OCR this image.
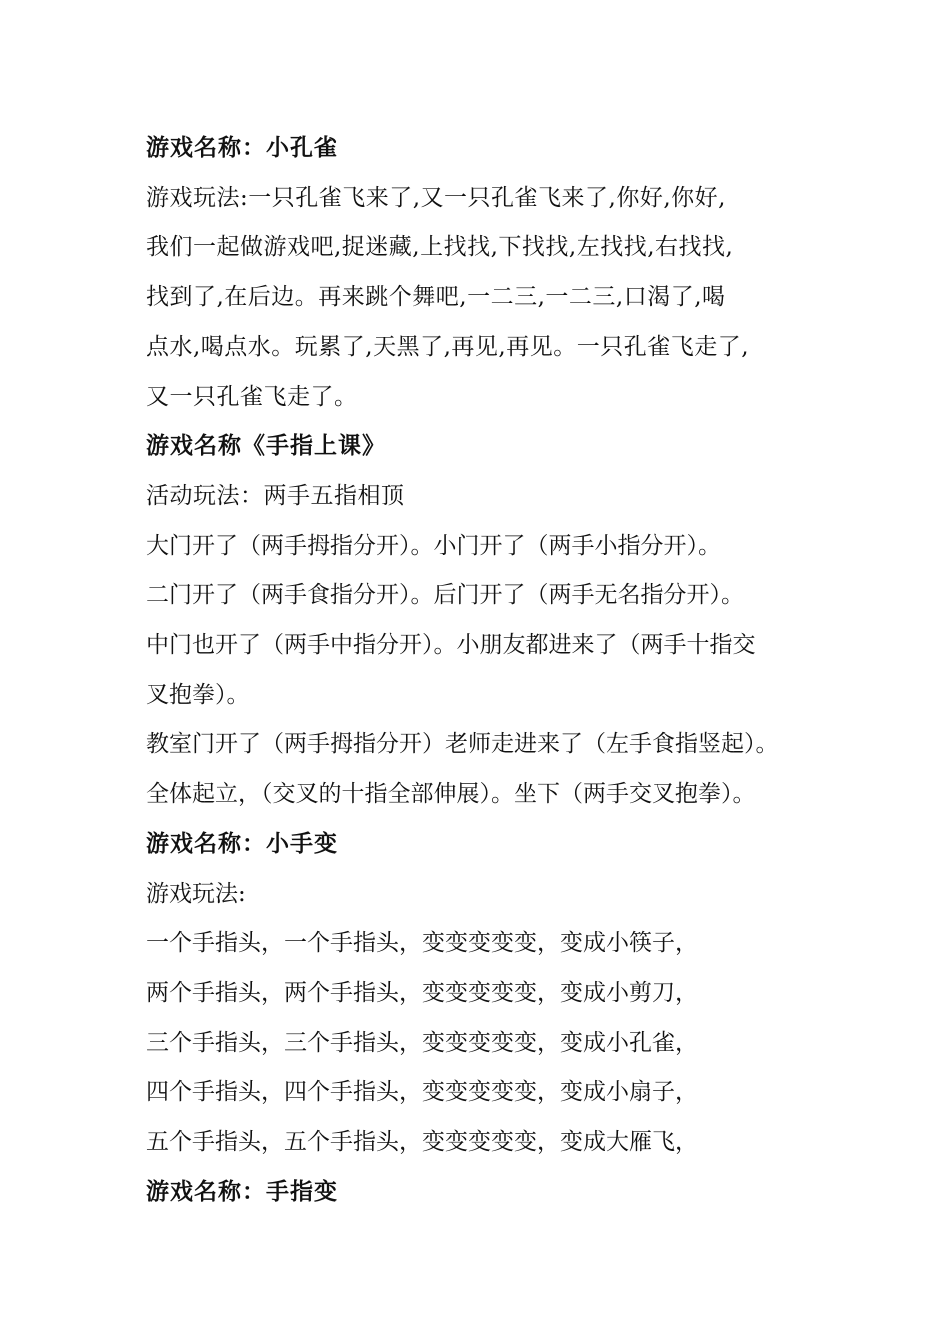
游戏名称：小孔雀

游戏玩法:一只孔雀飞来了,又一只孔雀飞来了,你好,你好,

我们一起做游戏吧,捉迷藏,上找找,下找找,左找找,右找找,

找到了,在后边。再来跳个舞吧,一二三,一二三,口渴了,喝

点水,喝点水。玩累了,天黑了,再见,再见。一只孔雀飞走了,

又一只孔雀飞走了。

游戏名称《手指上课》

活动玩法：两手五指相顶

大门开了（两手拇指分开）。小门开了（两手小指分开）。

二门开了（两手食指分开）。后门开了（两手无名指分开）。

中门也开了（两手中指分开）。小朋友都进来了（两手十指交

叉抱拳）。

教室门开了（两手拇指分开）老师走进来了（左手食指竖起）。

全体起立，（交叉的十指全部伸展）。坐下（两手交叉抱拳）。

游戏名称：小手变

游戏玩法:

一个手指头，一个手指头，变变变变变，变成小筷子，

两个手指头，两个手指头，变变变变变，变成小剪刀，

三个手指头，三个手指头，变变变变变，变成小孔雀，

四个手指头，四个手指头，变变变变变，变成小扇子，

五个手指头，五个手指头，变变变变变，变成大雁飞，

游戏名称：手指变
